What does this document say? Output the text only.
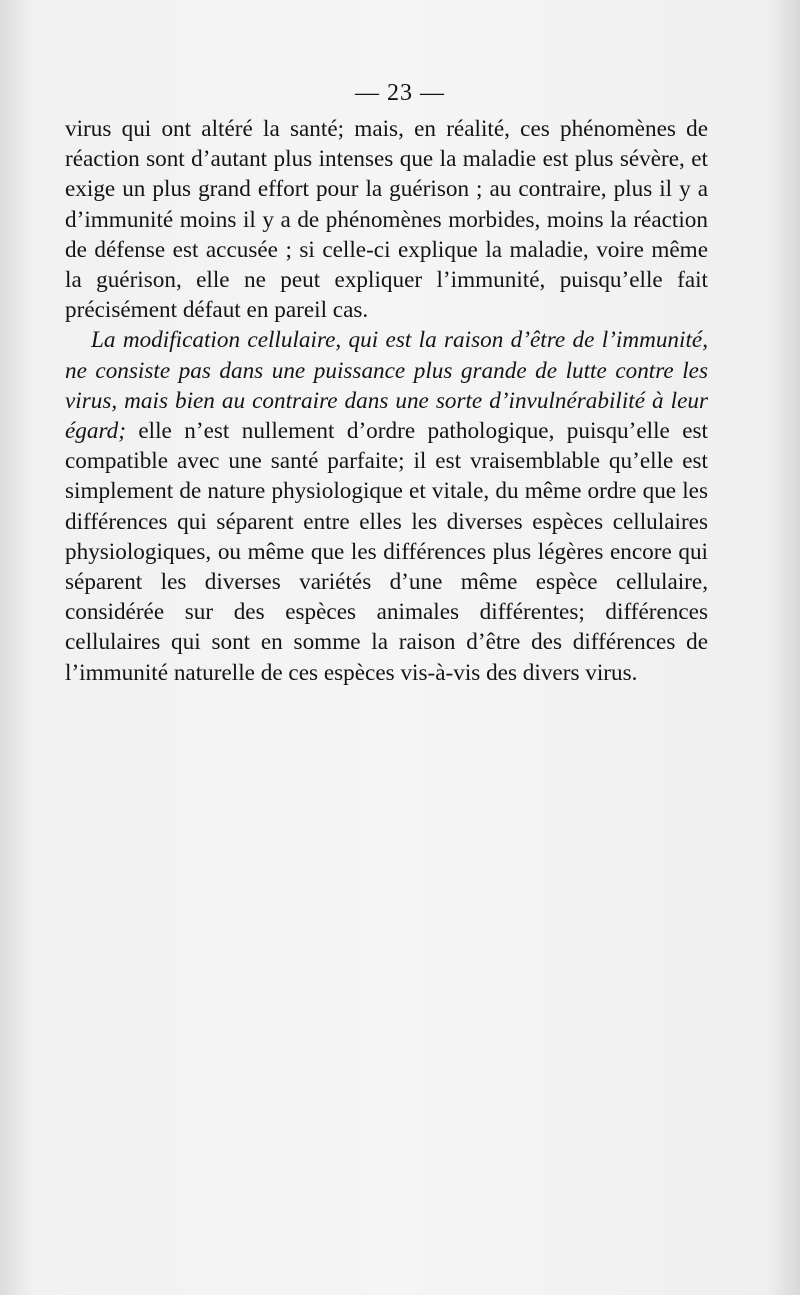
— 23 —

virus qui ont altéré la santé; mais, en réalité, ces phénomènes de réaction sont d’autant plus intenses que la maladie est plus sévère, et exige un plus grand effort pour la guérison ; au contraire, plus il y a d’immunité moins il y a de phénomènes morbides, moins la réaction de défense est accusée ; si celle-ci explique la maladie, voire même la guérison, elle ne peut expliquer l’immunité, puisqu’elle fait précisément défaut en pareil cas.

La modification cellulaire, qui est la raison d’être de l’immunité, ne consiste pas dans une puissance plus grande de lutte contre les virus, mais bien au contraire dans une sorte d’invulnérabilité à leur égard; elle n’est nullement d’ordre pathologique, puisqu’elle est compatible avec une santé parfaite; il est vraisemblable qu’elle est simplement de nature physiologique et vitale, du même ordre que les différences qui séparent entre elles les diverses espèces cellulaires physiologiques, ou même que les différences plus légères encore qui séparent les diverses variétés d’une même espèce cellulaire, considérée sur des espèces animales différentes; différences cellulaires qui sont en somme la raison d’être des différences de l’immunité naturelle de ces espèces vis-à-vis des divers virus.
